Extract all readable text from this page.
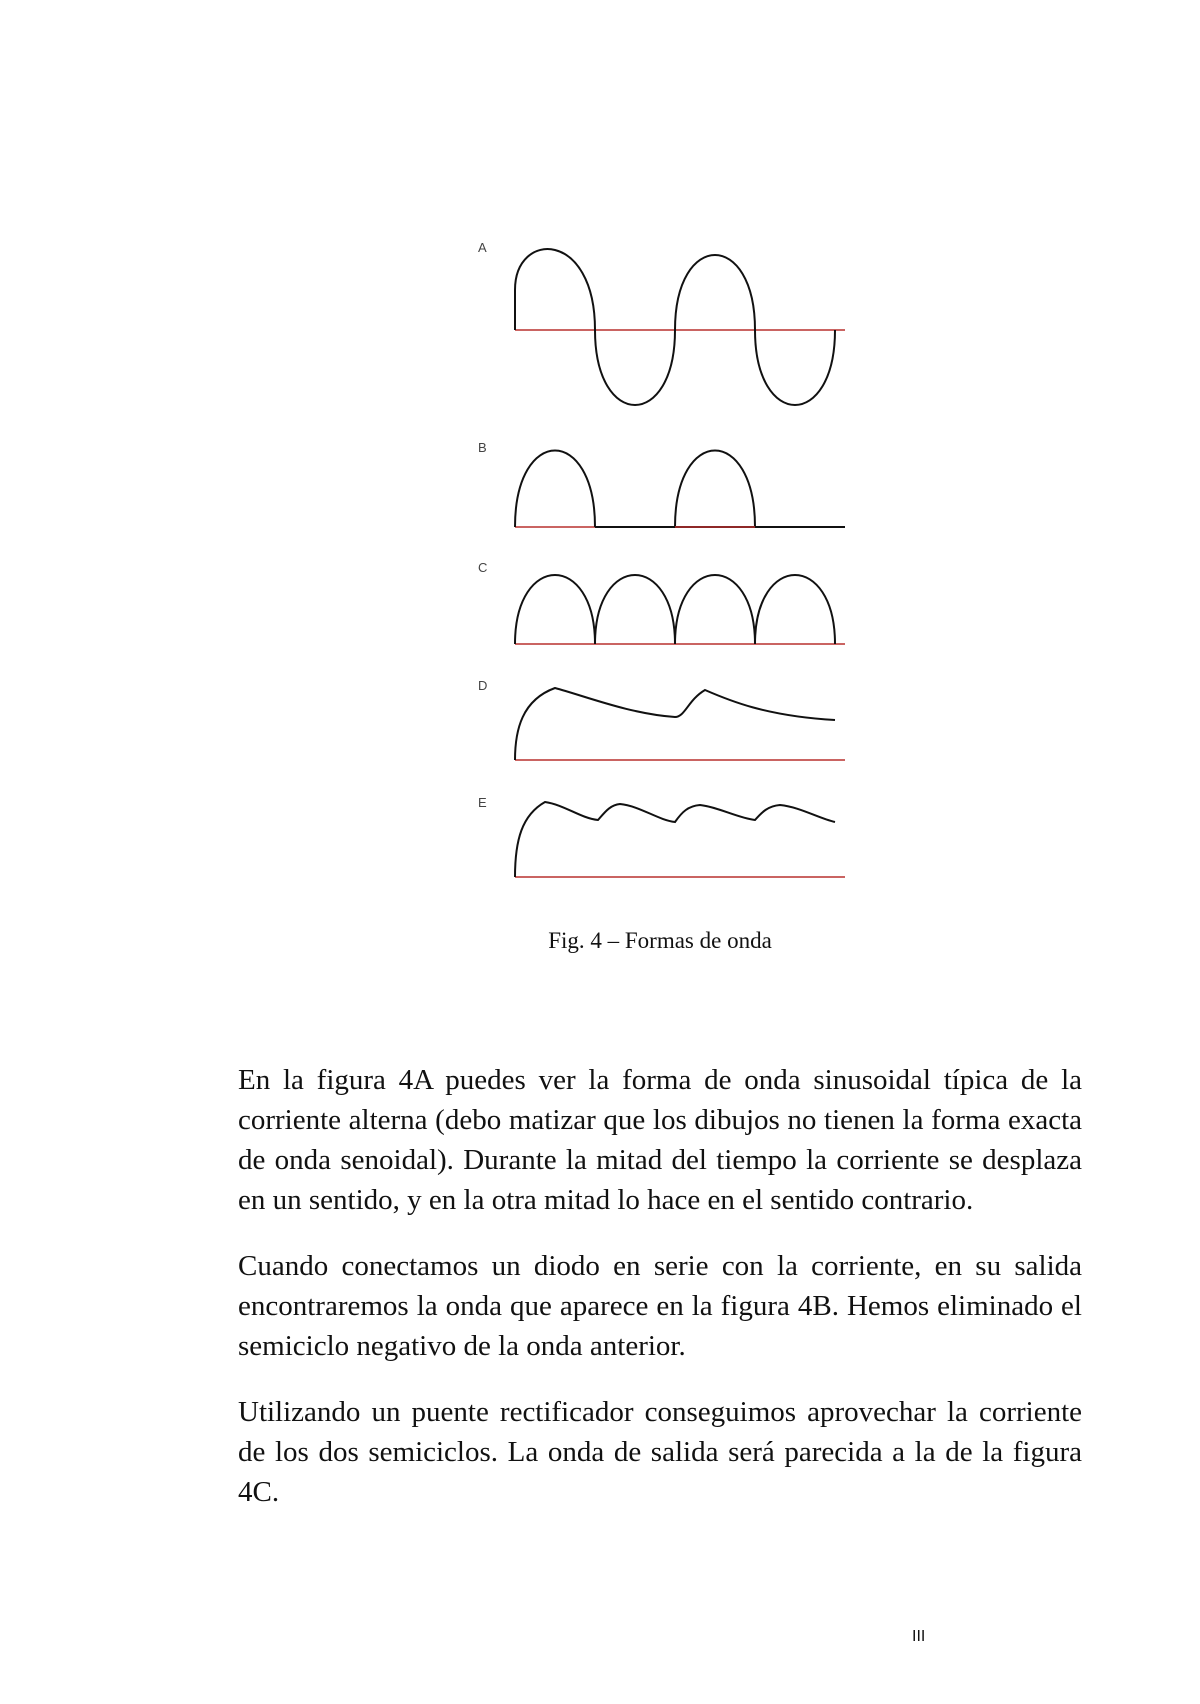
A
B
C
D
E
Fig. 4 – Formas de onda

En la figura 4A puedes ver la forma de onda sinusoidal típica de la corriente alterna (debo matizar que los dibujos no tienen la forma exacta de onda senoidal). Durante la mitad del tiempo la corriente se desplaza en un sentido, y en la otra mitad lo hace en el sentido contrario.

Cuando conectamos un diodo en serie con la corriente, en su salida encontraremos la onda que aparece en la figura 4B. Hemos eliminado el semiciclo negativo de la onda anterior.

Utilizando un puente rectificador conseguimos aprovechar la corriente de los dos semiciclos. La onda de salida será parecida a la de la figura 4C.

III
